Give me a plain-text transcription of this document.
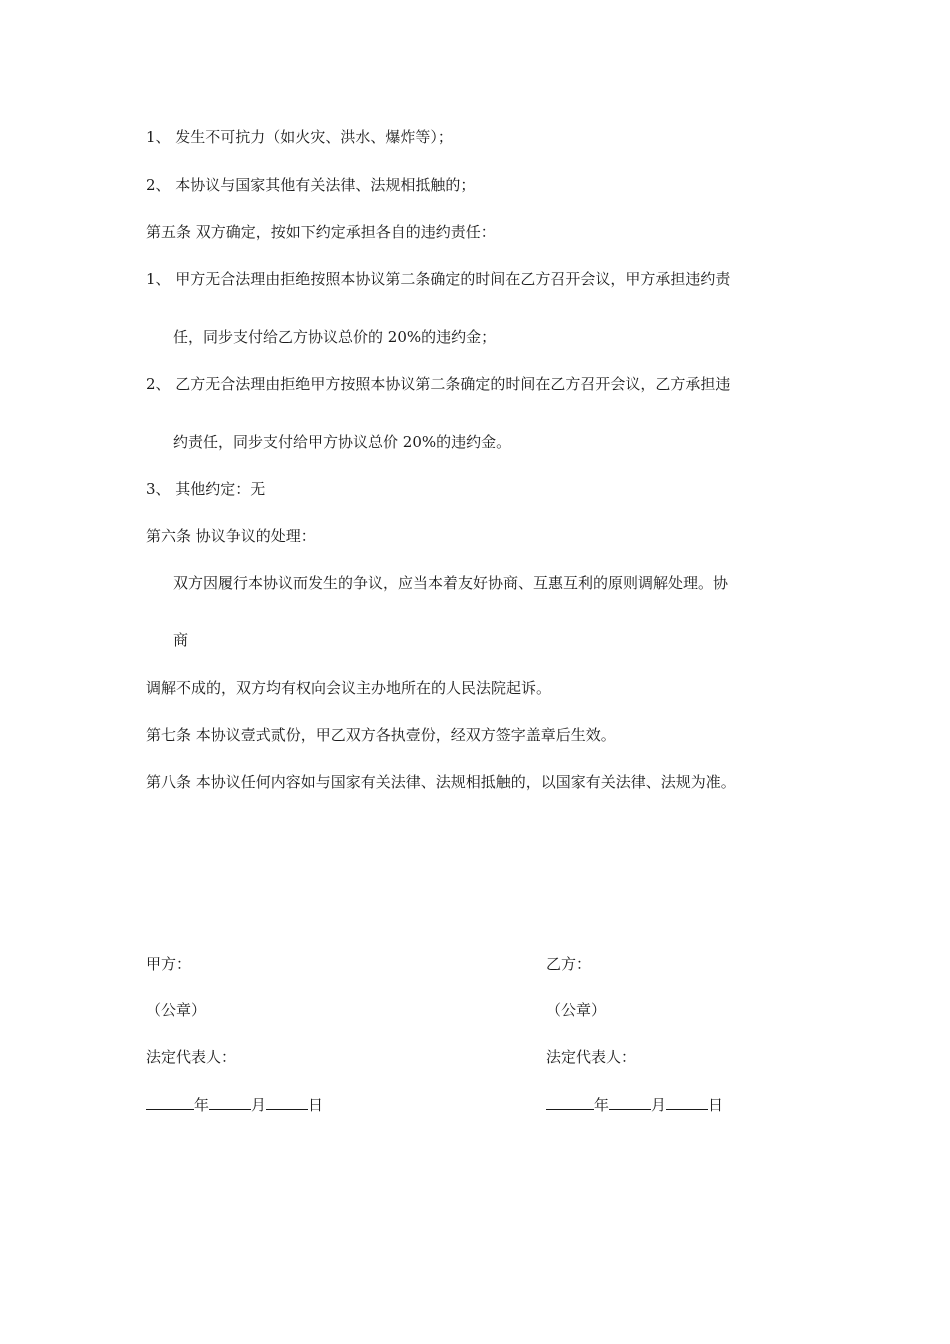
1、 发生不可抗力（如火灾、洪水、爆炸等）；
2、 本协议与国家其他有关法律、法规相抵触的；
第五条 双方确定，按如下约定承担各自的违约责任：
1、 甲方无合法理由拒绝按照本协议第二条确定的时间在乙方召开会议，甲方承担违约责
任，同步支付给乙方协议总价的 20%的违约金；
2、 乙方无合法理由拒绝甲方按照本协议第二条确定的时间在乙方召开会议，乙方承担违
约责任，同步支付给甲方协议总价 20%的违约金。
3、 其他约定：无
第六条 协议争议的处理：
双方因履行本协议而发生的争议，应当本着友好协商、互惠互利的原则调解处理。协
商
调解不成的，双方均有权向会议主办地所在的人民法院起诉。
第七条 本协议壹式贰份，甲乙双方各执壹份，经双方签字盖章后生效。
第八条 本协议任何内容如与国家有关法律、法规相抵触的，以国家有关法律、法规为准。
甲方：
（公章）
法定代表人：
年	月	日
乙方：
（公章）
法定代表人：
年	月	日
